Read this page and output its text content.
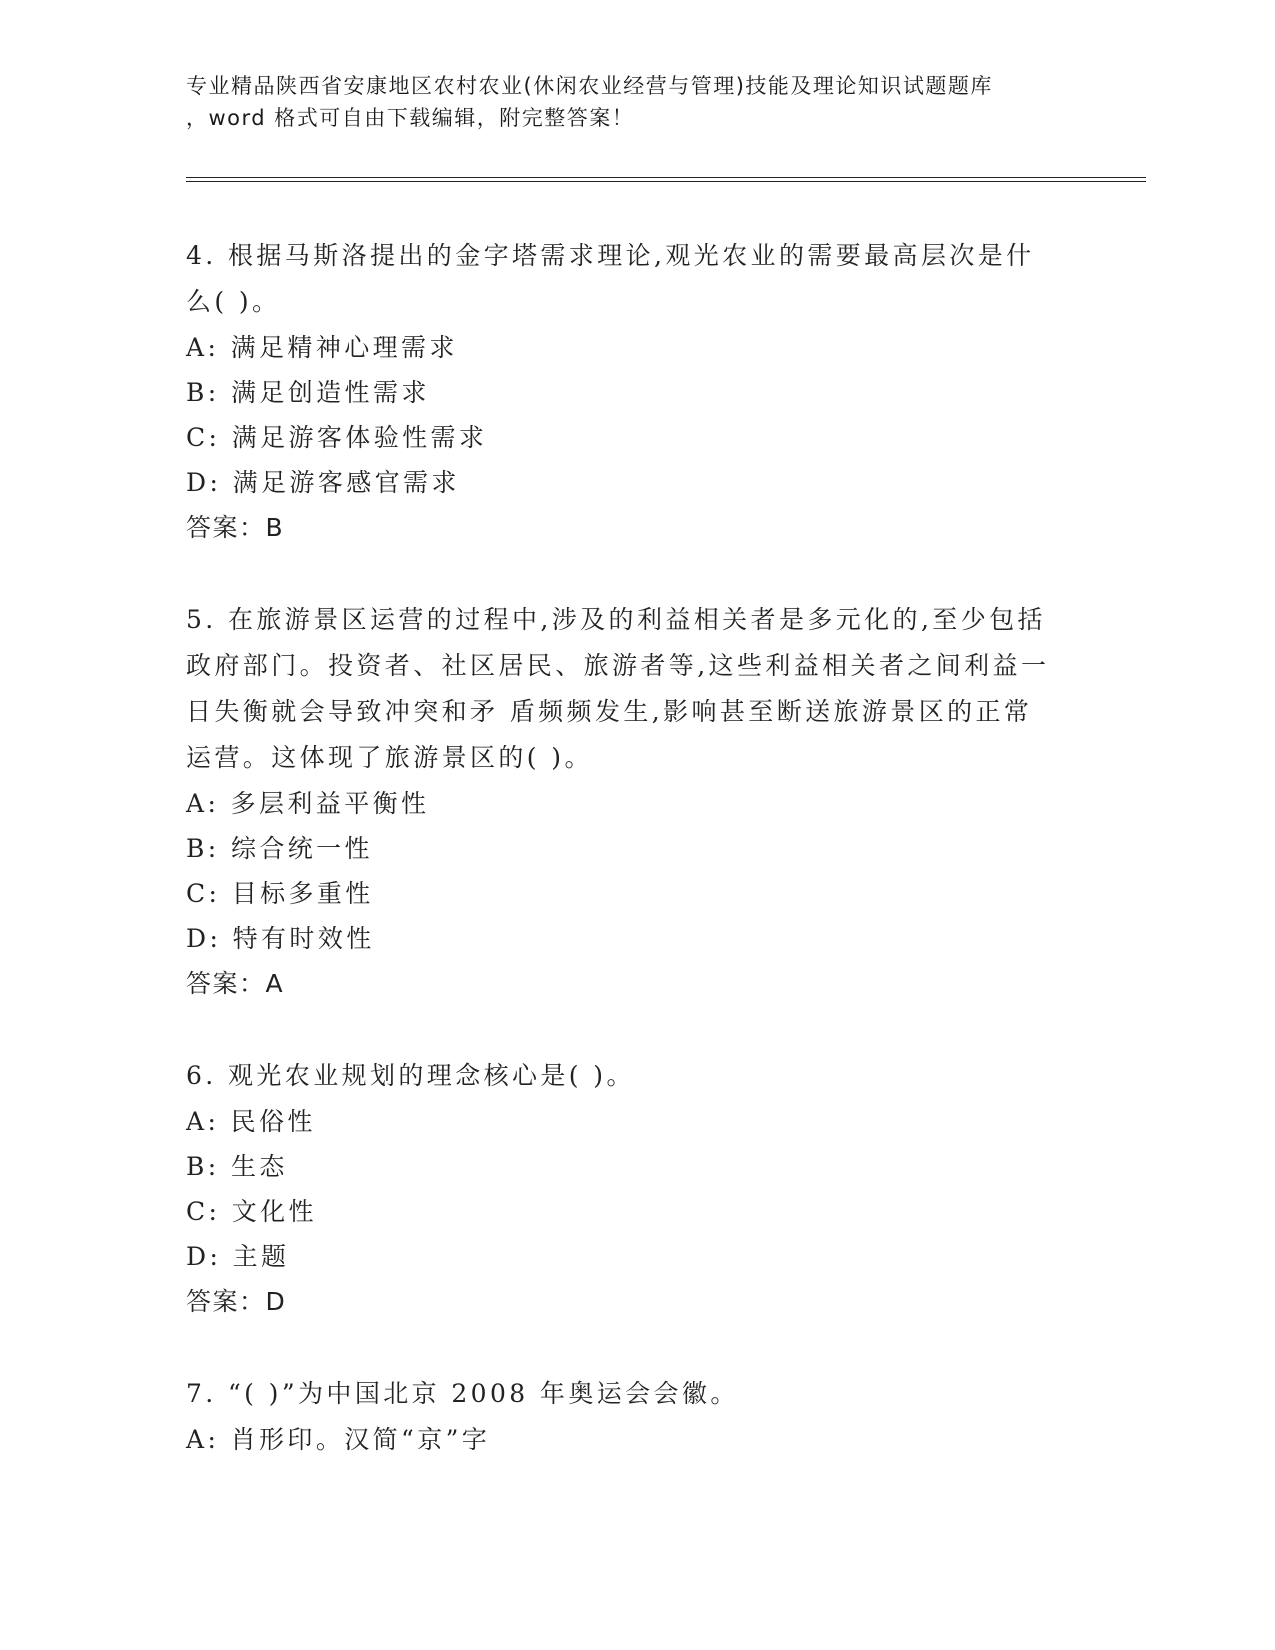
专业精品陕西省安康地区农村农业(休闲农业经营与管理)技能及理论知识试题题库
，word 格式可自由下载编辑，附完整答案！
4. 根据马斯洛提出的金字塔需求理论,观光农业的需要最高层次是什
么( )。
A: 满足精神心理需求
B: 满足创造性需求
C: 满足游客体验性需求
D: 满足游客感官需求
答案：B
5. 在旅游景区运营的过程中,涉及的利益相关者是多元化的,至少包括
政府部门。投资者、社区居民、旅游者等,这些利益相关者之间利益一
日失衡就会导致冲突和矛 盾频频发生,影响甚至断送旅游景区的正常
运营。这体现了旅游景区的( )。
A: 多层利益平衡性
B: 综合统一性
C: 目标多重性
D: 特有时效性
答案：A
6. 观光农业规划的理念核心是( )。
A: 民俗性
B: 生态
C: 文化性
D: 主题
答案：D
7. “( )”为中国北京 2008 年奥运会会徽。
A: 肖形印。汉简“京”字
